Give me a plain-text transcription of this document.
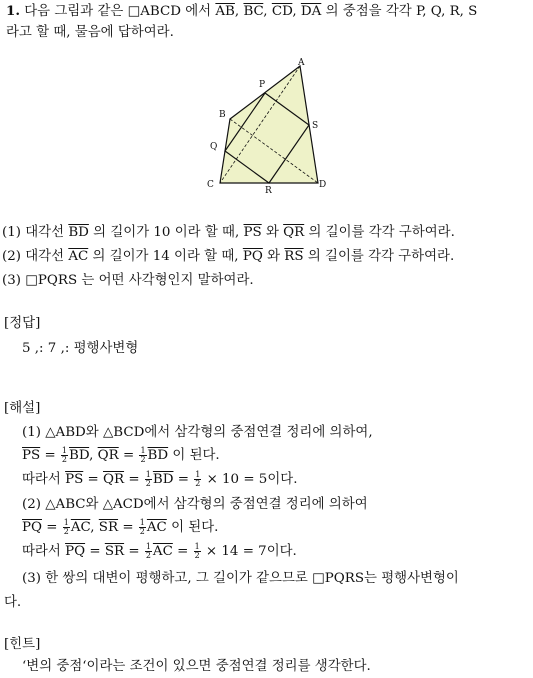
1. 다음 그림과 같은 □ABCD 에서 $\overline{AB}$, $\overline{BC}$, $\overline{CD}$, $\overline{DA}$ 의 중점을 각각 P, Q, R, S
라고 할 때, 물음에 답하여라.
A
P
B
S
Q
C
R
D
(1) 대각선 $\overline{BD}$ 의 길이가 10 이라 할 때, $\overline{PS}$ 와 $\overline{QR}$ 의 길이를 각각 구하여라.
(2) 대각선 $\overline{AC}$ 의 길이가 14 이라 할 때, $\overline{PQ}$ 와 $\overline{RS}$ 의 길이를 각각 구하여라.
(3) □PQRS 는 어떤 사각형인지 말하여라.
[정답]
5 ,: 7 ,: 평행사변형
[해설]
(1) △ABD와 △BCD에서 삼각형의 중점연결 정리에 의하여,
$\overline{PS} = \frac{1}{2} \overline{BD}$, $\overline{QR} = \frac{1}{2} \overline{BD}$ 이 된다.
따라서 $\overline{PS} = \overline{QR} = \frac{1}{2} \overline{BD} = \frac{1}{2} \times 10 = 5$이다.
(2) △ABC와 △ACD에서 삼각형의 중점연결 정리에 의하여
$\overline{PQ} = \frac{1}{2} \overline{AC}$, $\overline{SR} = \frac{1}{2} \overline{AC}$ 이 된다.
따라서 $\overline{PQ} = \overline{SR} = \frac{1}{2} \overline{AC} = \frac{1}{2} \times 14 = 7$이다.
(3) 한 쌍의 대변이 평행하고, 그 길이가 같으므로 □PQRS는 평행사변형이
다.
[힌트]
‘변의 중점‘이라는 조건이 있으면 중점연결 정리를 생각한다.
